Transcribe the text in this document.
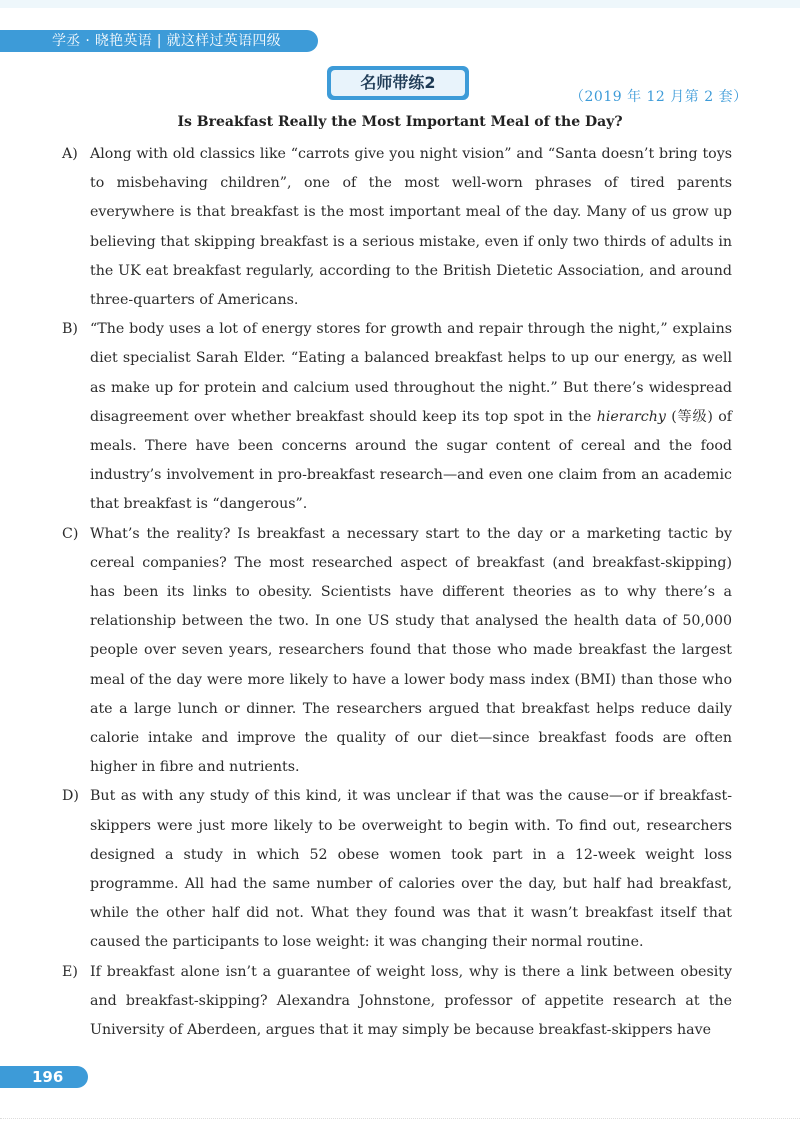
学丞 · 晓艳英语 | 就这样过英语四级
名师带练2
（2019 年 12 月第 2 套）
Is Breakfast Really the Most Important Meal of the Day?

A) Along with old classics like “carrots give you night vision” and “Santa doesn’t bring toys to misbehaving children”, one of the most well-worn phrases of tired parents everywhere is that breakfast is the most important meal of the day. Many of us grow up believing that skipping breakfast is a serious mistake, even if only two thirds of adults in the UK eat breakfast regularly, according to the British Dietetic Association, and around three-quarters of Americans.

B) “The body uses a lot of energy stores for growth and repair through the night,” explains diet specialist Sarah Elder. “Eating a balanced breakfast helps to up our energy, as well as make up for protein and calcium used throughout the night.” But there’s widespread disagreement over whether breakfast should keep its top spot in the hierarchy (等级) of meals. There have been concerns around the sugar content of cereal and the food industry’s involvement in pro-breakfast research—and even one claim from an academic that breakfast is “dangerous”.

C) What’s the reality? Is breakfast a necessary start to the day or a marketing tactic by cereal companies? The most researched aspect of breakfast (and breakfast-skipping) has been its links to obesity. Scientists have different theories as to why there’s a relationship between the two. In one US study that analysed the health data of 50,000 people over seven years, researchers found that those who made breakfast the largest meal of the day were more likely to have a lower body mass index (BMI) than those who ate a large lunch or dinner. The researchers argued that breakfast helps reduce daily calorie intake and improve the quality of our diet—since breakfast foods are often higher in fibre and nutrients.

D) But as with any study of this kind, it was unclear if that was the cause—or if breakfast-skippers were just more likely to be overweight to begin with. To find out, researchers designed a study in which 52 obese women took part in a 12-week weight loss programme. All had the same number of calories over the day, but half had breakfast, while the other half did not. What they found was that it wasn’t breakfast itself that caused the participants to lose weight: it was changing their normal routine.

E) If breakfast alone isn’t a guarantee of weight loss, why is there a link between obesity and breakfast-skipping? Alexandra Johnstone, professor of appetite research at the University of Aberdeen, argues that it may simply be because breakfast-skippers have

196
